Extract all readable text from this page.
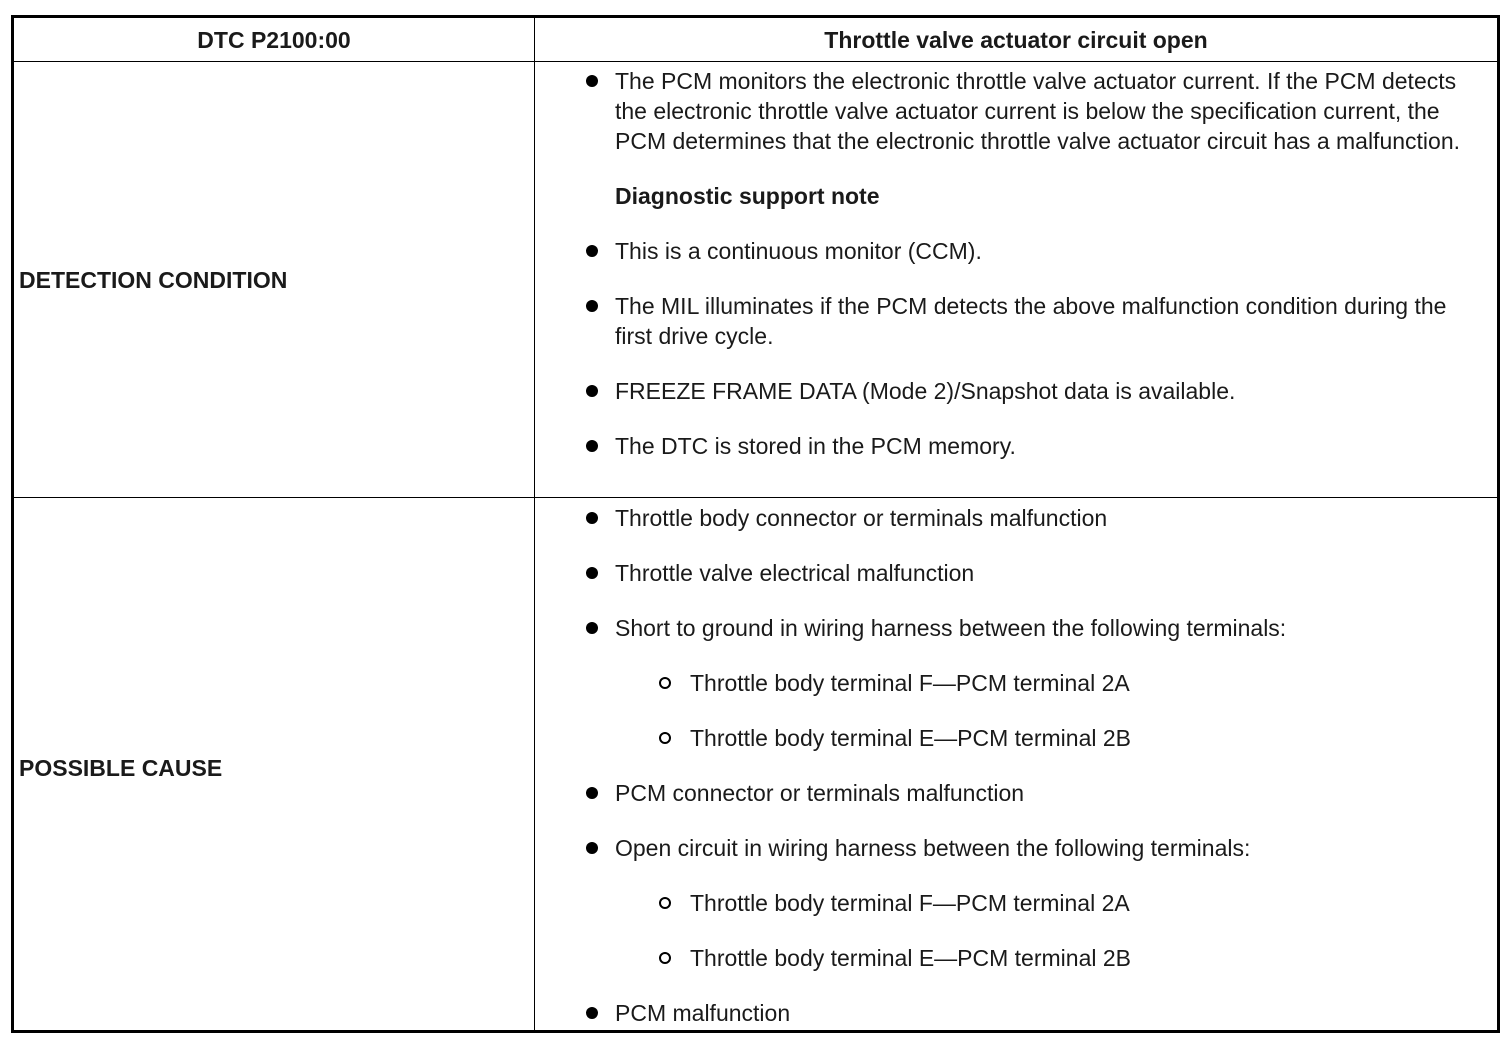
DTC P2100:00	Throttle valve actuator circuit open
DETECTION CONDITION
POSSIBLE CAUSE
The PCM monitors the electronic throttle valve actuator current. If the PCM detects the electronic throttle valve actuator current is below the specification current, the PCM determines that the electronic throttle valve actuator circuit has a malfunction.
Diagnostic support note
This is a continuous monitor (CCM).
The MIL illuminates if the PCM detects the above malfunction condition during the first drive cycle.
FREEZE FRAME DATA (Mode 2)/Snapshot data is available.
The DTC is stored in the PCM memory.
Throttle body connector or terminals malfunction
Throttle valve electrical malfunction
Short to ground in wiring harness between the following terminals:
Throttle body terminal F—PCM terminal 2A
Throttle body terminal E—PCM terminal 2B
PCM connector or terminals malfunction
Open circuit in wiring harness between the following terminals:
Throttle body terminal F—PCM terminal 2A
Throttle body terminal E—PCM terminal 2B
PCM malfunction
